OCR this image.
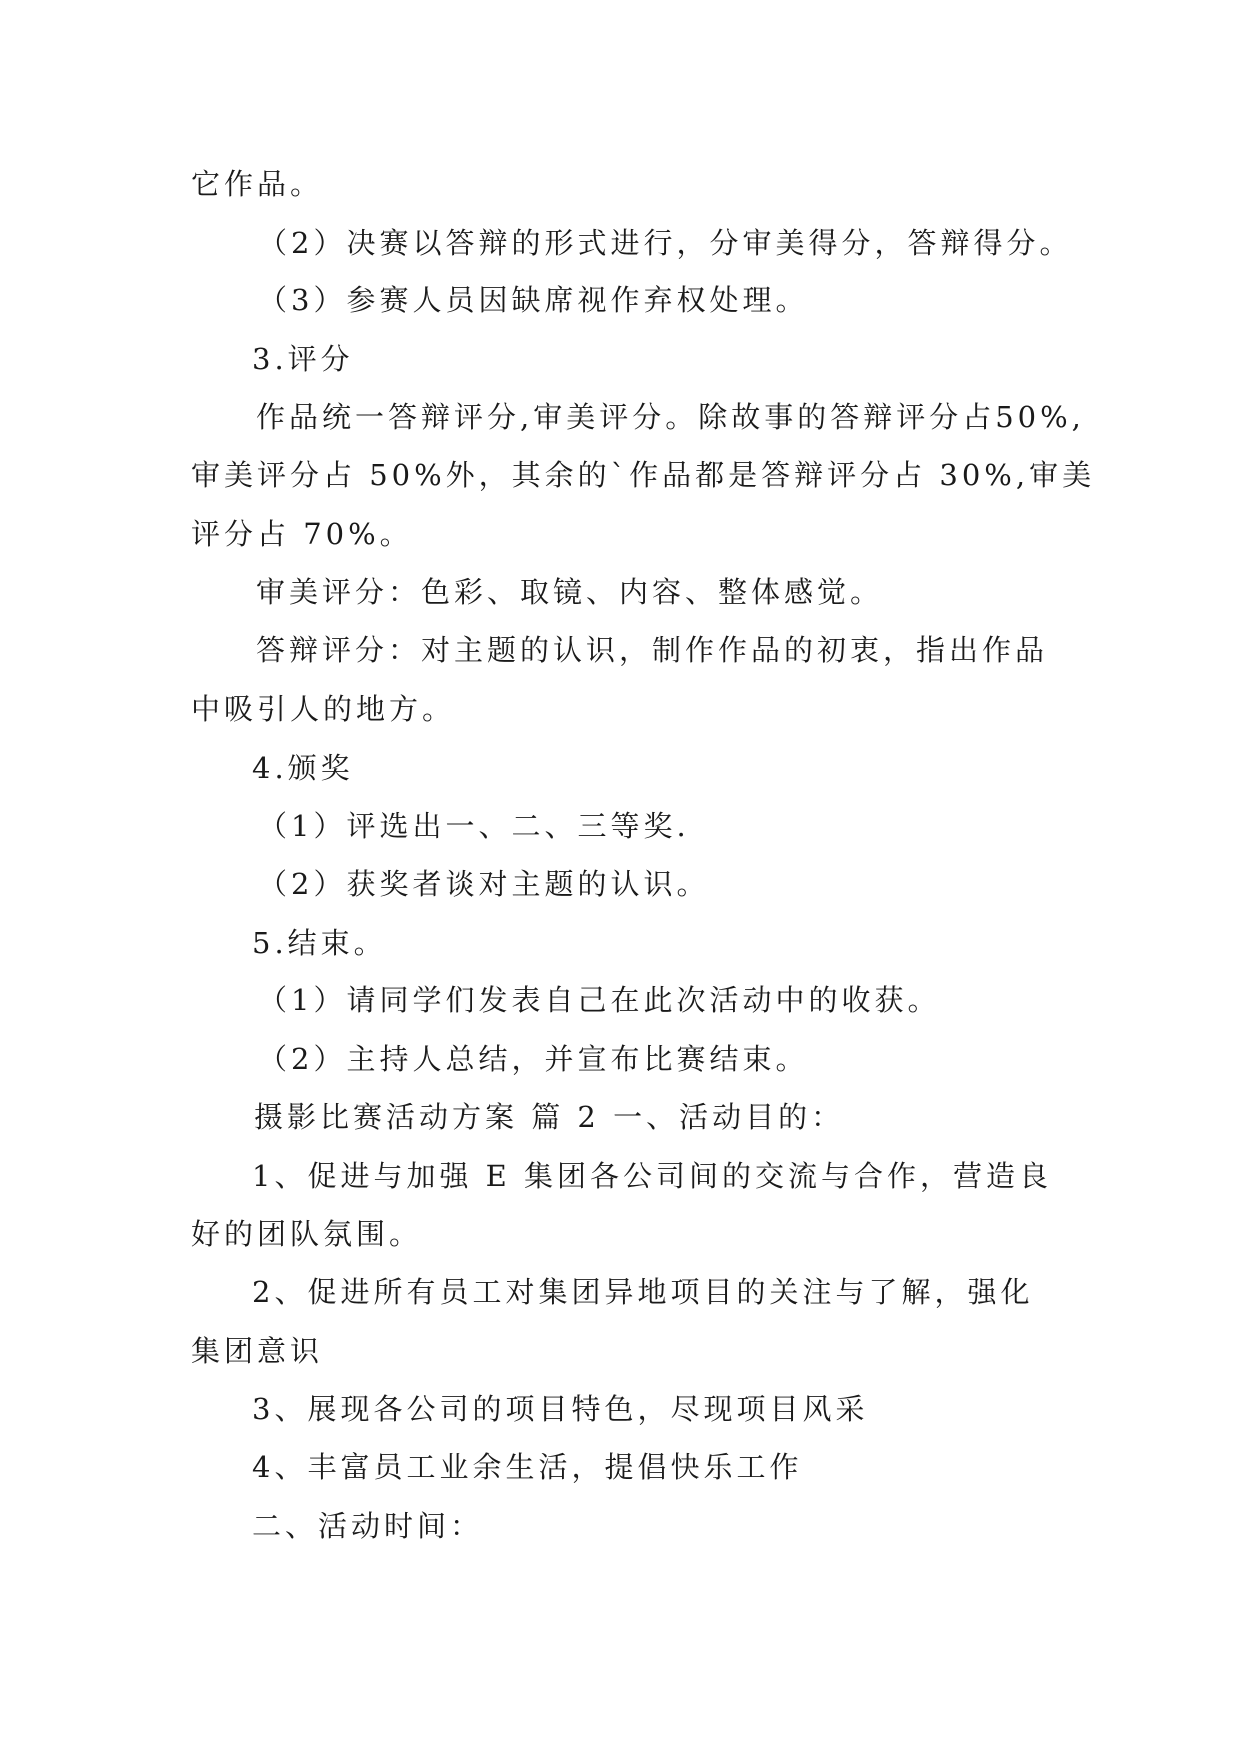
它作品。
（2）决赛以答辩的形式进行，分审美得分，答辩得分。
（3）参赛人员因缺席视作弃权处理。
3.评分
作品统一答辩评分,审美评分。除故事的答辩评分占50%,
审美评分占 50%外，其余的`作品都是答辩评分占 30%,审美
评分占 70%。
审美评分：色彩、取镜、内容、整体感觉。
答辩评分：对主题的认识，制作作品的初衷，指出作品
中吸引人的地方。
4.颁奖
（1）评选出一、二、三等奖.
（2）获奖者谈对主题的认识。
5.结束。
（1）请同学们发表自己在此次活动中的收获。
（2）主持人总结，并宣布比赛结束。
摄影比赛活动方案 篇 2 一、活动目的：
1、促进与加强 E 集团各公司间的交流与合作，营造良
好的团队氛围。
2、促进所有员工对集团异地项目的关注与了解，强化
集团意识
3、展现各公司的项目特色，尽现项目风采
4、丰富员工业余生活，提倡快乐工作
二、活动时间：
